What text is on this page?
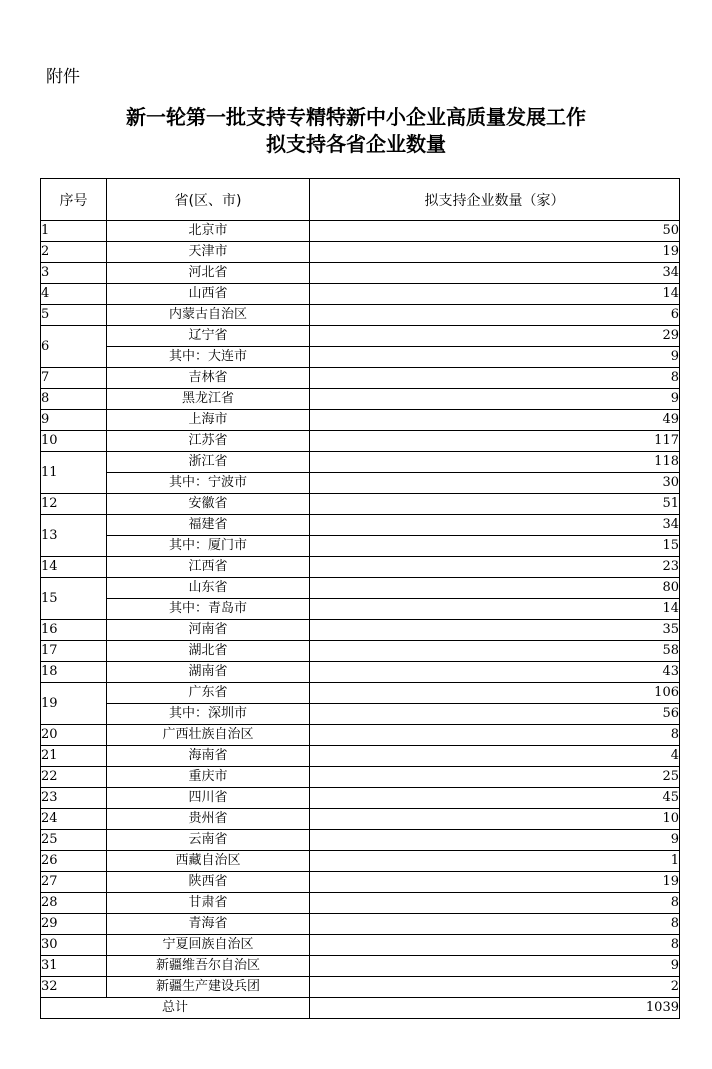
附件
新一轮第一批支持专精特新中小企业高质量发展工作
拟支持各省企业数量
序号	省(区、市)	拟支持企业数量（家）
1	北京市	50
2	天津市	19
3	河北省	34
4	山西省	14
5	内蒙古自治区	6
6	辽宁省	29
	其中：大连市	9
7	吉林省	8
8	黑龙江省	9
9	上海市	49
10	江苏省	117
11	浙江省	118
	其中：宁波市	30
12	安徽省	51
13	福建省	34
	其中：厦门市	15
14	江西省	23
15	山东省	80
	其中：青岛市	14
16	河南省	35
17	湖北省	58
18	湖南省	43
19	广东省	106
	其中：深圳市	56
20	广西壮族自治区	8
21	海南省	4
22	重庆市	25
23	四川省	45
24	贵州省	10
25	云南省	9
26	西藏自治区	1
27	陕西省	19
28	甘肃省	8
29	青海省	8
30	宁夏回族自治区	8
31	新疆维吾尔自治区	9
32	新疆生产建设兵团	2
总计		1039
